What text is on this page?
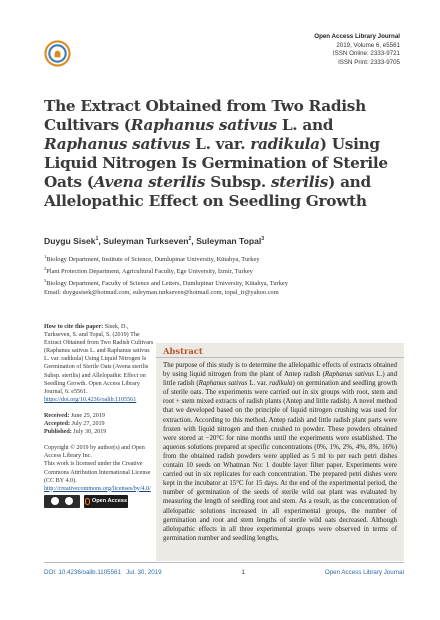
Open Access Library Journal
2019, Volume 6, e5561
ISSN Online: 2333-9721
ISSN Print: 2333-9705
The Extract Obtained from Two Radish Cultivars (Raphanus sativus L. and Raphanus sativus L. var. radikula) Using Liquid Nitrogen Is Germination of Sterile Oats (Avena sterilis Subsp. sterilis) and Allelopathic Effect on Seedling Growth
Duygu Sisek$^1$, Suleyman Turkseven$^2$, Suleyman Topal$^3$
$^1$Biology Department, Institute of Science, Dumlupinar University, Kütahya, Turkey
$^2$Plant Protection Department, Agricultural Faculty, Ege University, İzmir, Turkey
$^3$Biology Department, Faculty of Science and Letters, Dumlupinar University, Kütahya, Turkey
Email: duygusisek@hotmail.com, suleyman.turkseven@hotmail.com, topal_tr@yahoo.com
How to cite this paper: Sisek, D., Turkseven, S. and Topal, S. (2019) The Extract Obtained from Two Radish Cultivars (Raphanus sativus L. and Raphanus sativus L. var. radikula) Using Liquid Nitrogen Is Germination of Sterile Oats (Avena sterilis Subsp. sterilis) and Allelopathic Effect on Seedling Growth. Open Access Library Journal, 6: e5561.
https://doi.org/10.4236/oalib.1105561
Received: June 25, 2019
Accepted: July 27, 2019
Published: July 30, 2019
Copyright © 2019 by author(s) and Open Access Library Inc.
This work is licensed under the Creative Commons Attribution International License (CC BY 4.0).
http://creativecommons.org/licenses/by/4.0/
Open Access
Abstract
The purpose of this study is to determine the allelopathic effects of extracts obtained by using liquid nitrogen from the plant of Antep radish (Raphanus sativus L.) and little radish (Raphanus sativus L. var. radikula) on germination and seedling growth of sterile oats. The experiments were carried out in six groups with root, stem and root + stem mixed extracts of radish plants (Antep and little radish). A novel method that we developed based on the principle of liquid nitrogen crushing was used for extraction. According to this method, Antep radish and little radish plant parts were frozen with liquid nitrogen and then crushed to powder. These powders obtained were stored at −20°C for nine months until the experiments were established. The aqueous solutions prepared at specific concentrations (0%, 1%, 2%, 4%, 8%, 16%) from the obtained radish powders were applied as 5 ml to per each petri dishes contain 10 seeds on Whatman No: 1 double layer filter paper. Experiments were carried out in six replicates for each concentration. The prepared petri dishes were kept in the incubator at 15°C for 15 days. At the end of the experimental period, the number of germination of the seeds of sterile wild oat plant was evaluated by measuring the length of seedling root and stem. As a result, as the concentration of allelopathic solutions increased in all experimental groups, the number of germination and root and stem lengths of sterile wild oats decreased. Although allelopathic effects in all three experimental groups were observed in terms of germination number and seedling lengths,
DOI: 10.4236/oalib.1105561 Jul. 30, 2019	1	Open Access Library Journal
